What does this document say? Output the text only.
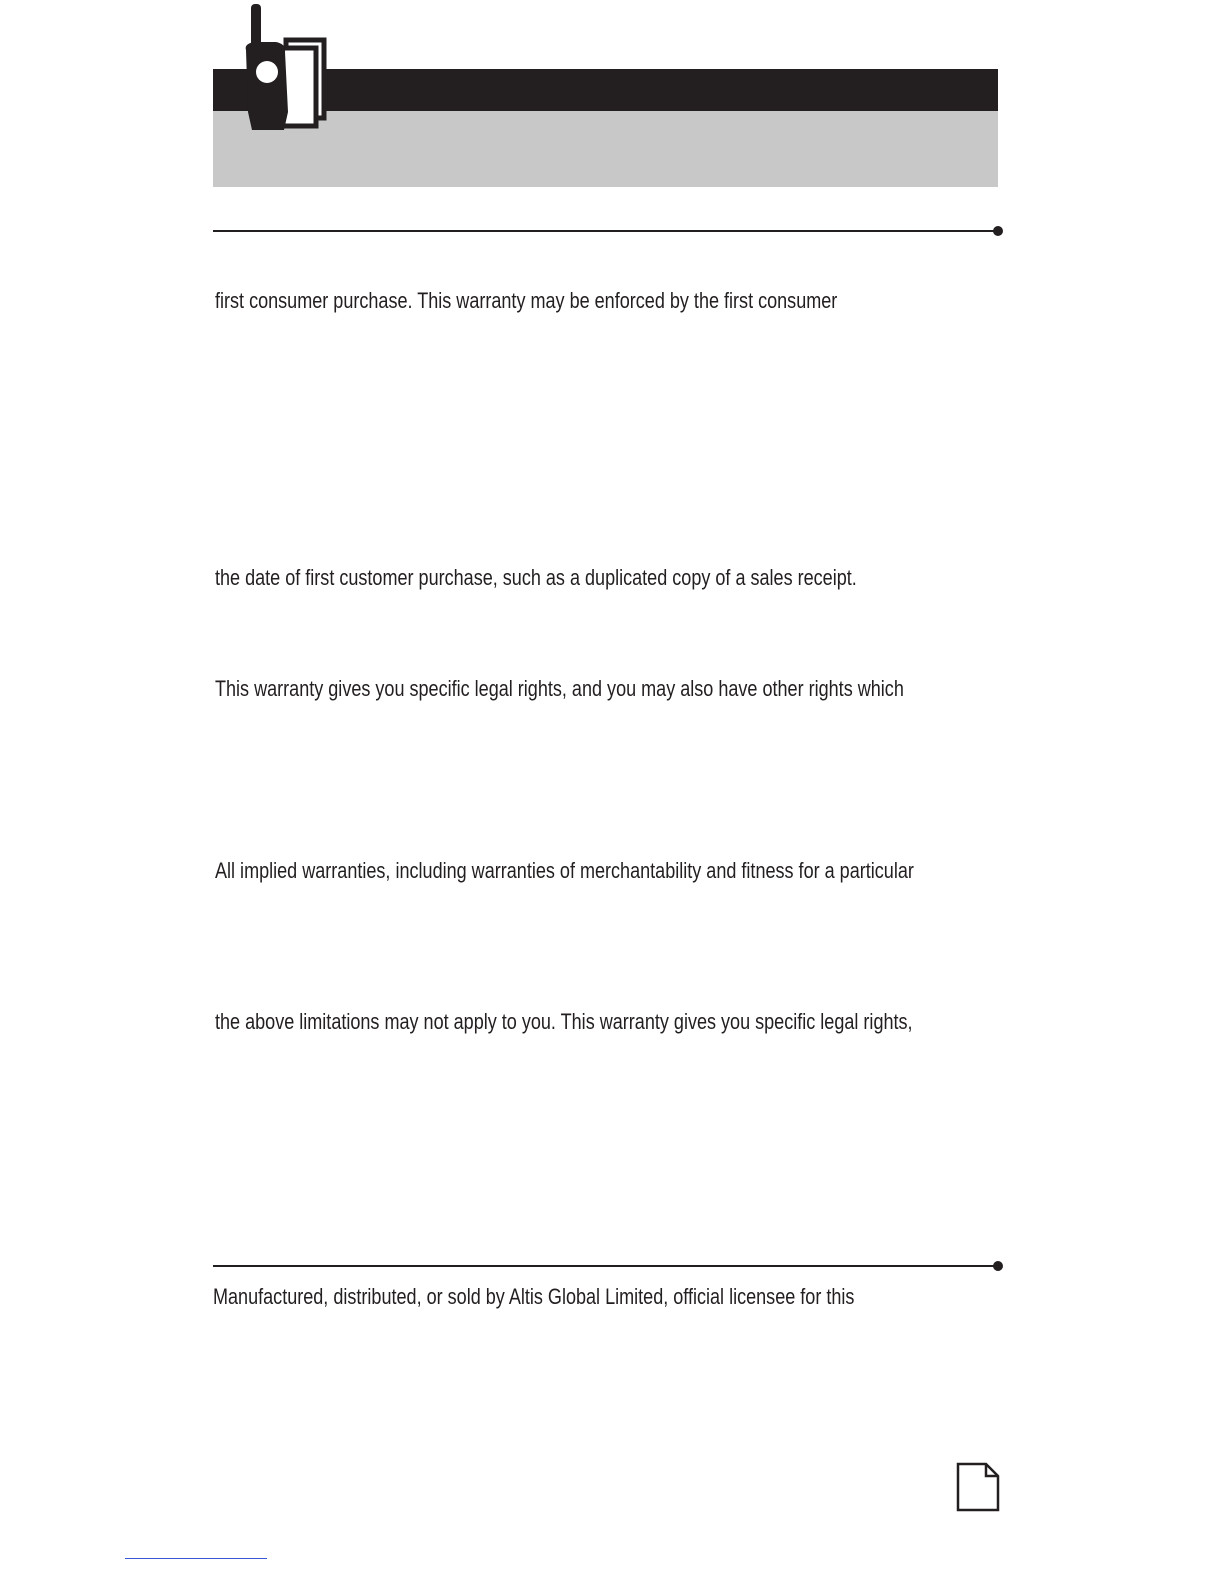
first consumer purchase. This warranty may be enforced by the first consumer
the date of first customer purchase, such as a duplicated copy of a sales receipt.
This warranty gives you specific legal rights, and you may also have other rights which
All implied warranties, including warranties of merchantability and fitness for a particular
the above limitations may not apply to you. This warranty gives you specific legal rights,
Manufactured, distributed, or sold by Altis Global Limited, official licensee for this
